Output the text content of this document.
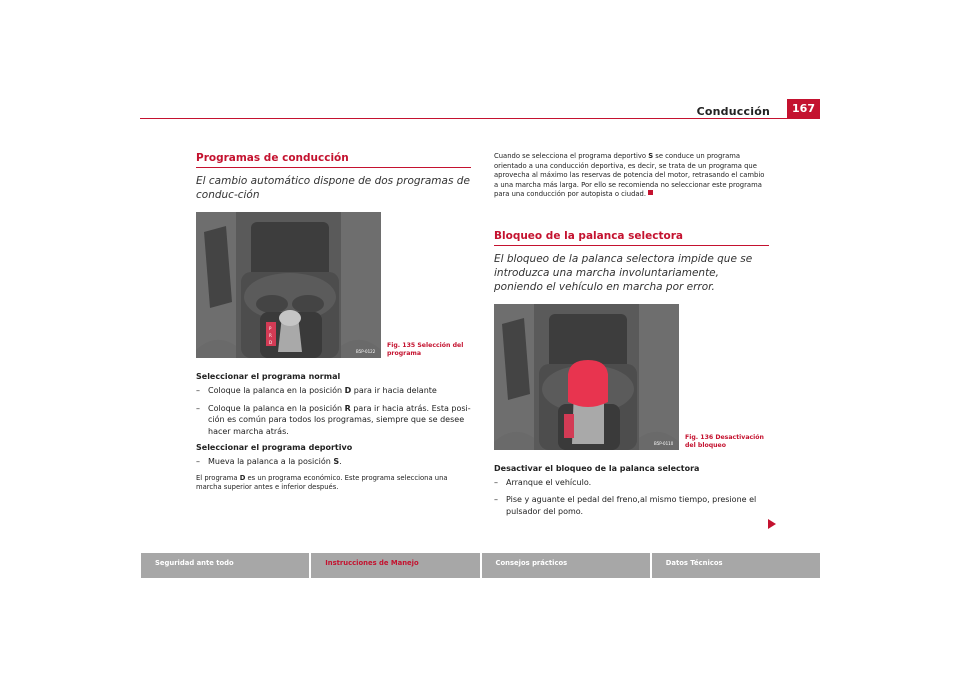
Conducción	167
Programas de conducción
El cambio automático dispone de dos programas de conduc-ción
P
R
D
B5P-0122
Fig. 135 Selección del programa
Seleccionar el programa normal
– Coloque la palanca en la posición D para ir hacia delante
– Coloque la palanca en la posición R para ir hacia atrás. Esta posi-ción es común para todos los programas, siempre que se desee hacer marcha atrás.
Seleccionar el programa deportivo
– Mueva la palanca a la posición S.
El programa D es un programa económico. Este programa selecciona una marcha superior antes e inferior después.
Cuando se selecciona el programa deportivo S se conduce un programa orientado a una conducción deportiva, es decir, se trata de un programa que aprovecha al máximo las reservas de potencia del motor, retrasando el cambio a una marcha más larga. Por ello se recomienda no seleccionar este programa para una conducción por autopista o ciudad.
Bloqueo de la palanca selectora
El bloqueo de la palanca selectora impide que se introduzca una marcha involuntariamente, poniendo el vehículo en marcha por error.
B5P-0110
Fig. 136 Desactivación del bloqueo
Desactivar el bloqueo de la palanca selectora
– Arranque el vehículo.
– Pise y aguante el pedal del freno,al mismo tiempo, presione el pulsador del pomo.
Seguridad ante todo	Instrucciones de Manejo	Consejos prácticos	Datos Técnicos
